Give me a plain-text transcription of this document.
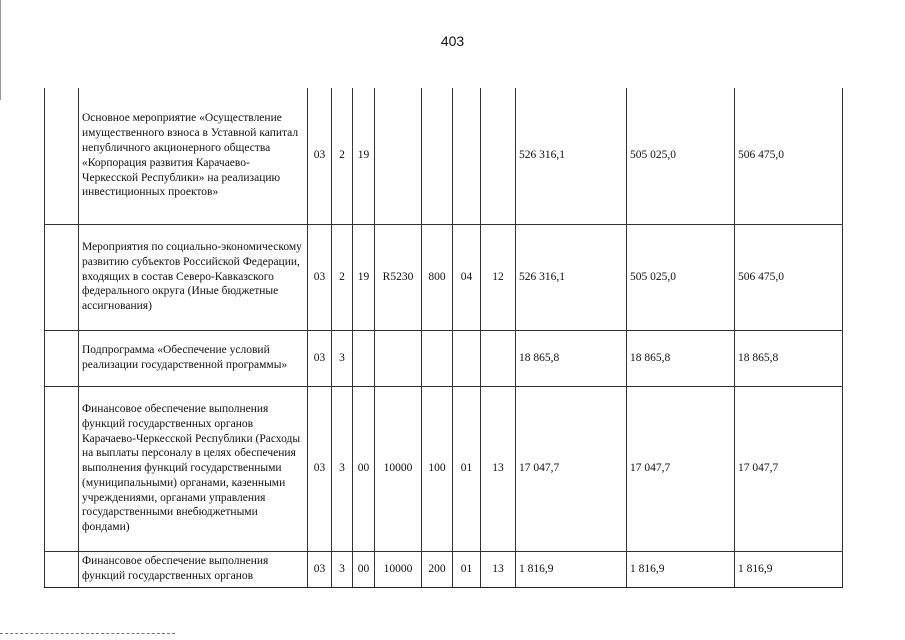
403
	Основное мероприятие «Осуществление имущественного взноса в Уставной капитал непубличного акционерного общества «Корпорация развития Карачаево-Черкесской Республики» на реализацию инвестиционных проектов»	03	2	19					526 316,1	505 025,0	506 475,0
	Мероприятия по социально-экономическому развитию субъектов Российской Федерации, входящих в состав Северо-Кавказского федерального округа (Иные бюджетные ассигнования)	03	2	19	R5230	800	04	12	526 316,1	505 025,0	506 475,0
	Подпрограмма «Обеспечение условий реализации государственной программы»	03	3						18 865,8	18 865,8	18 865,8
	Финансовое обеспечение выполнения функций государственных органов Карачаево-Черкесской Республики (Расходы на выплаты персоналу в целях обеспечения выполнения функций государственными (муниципальными) органами, казенными учреждениями, органами управления государственными внебюджетными фондами)	03	3	00	10000	100	01	13	17 047,7	17 047,7	17 047,7
	Финансовое обеспечение выполнения функций государственных органов	03	3	00	10000	200	01	13	1 816,9	1 816,9	1 816,9
